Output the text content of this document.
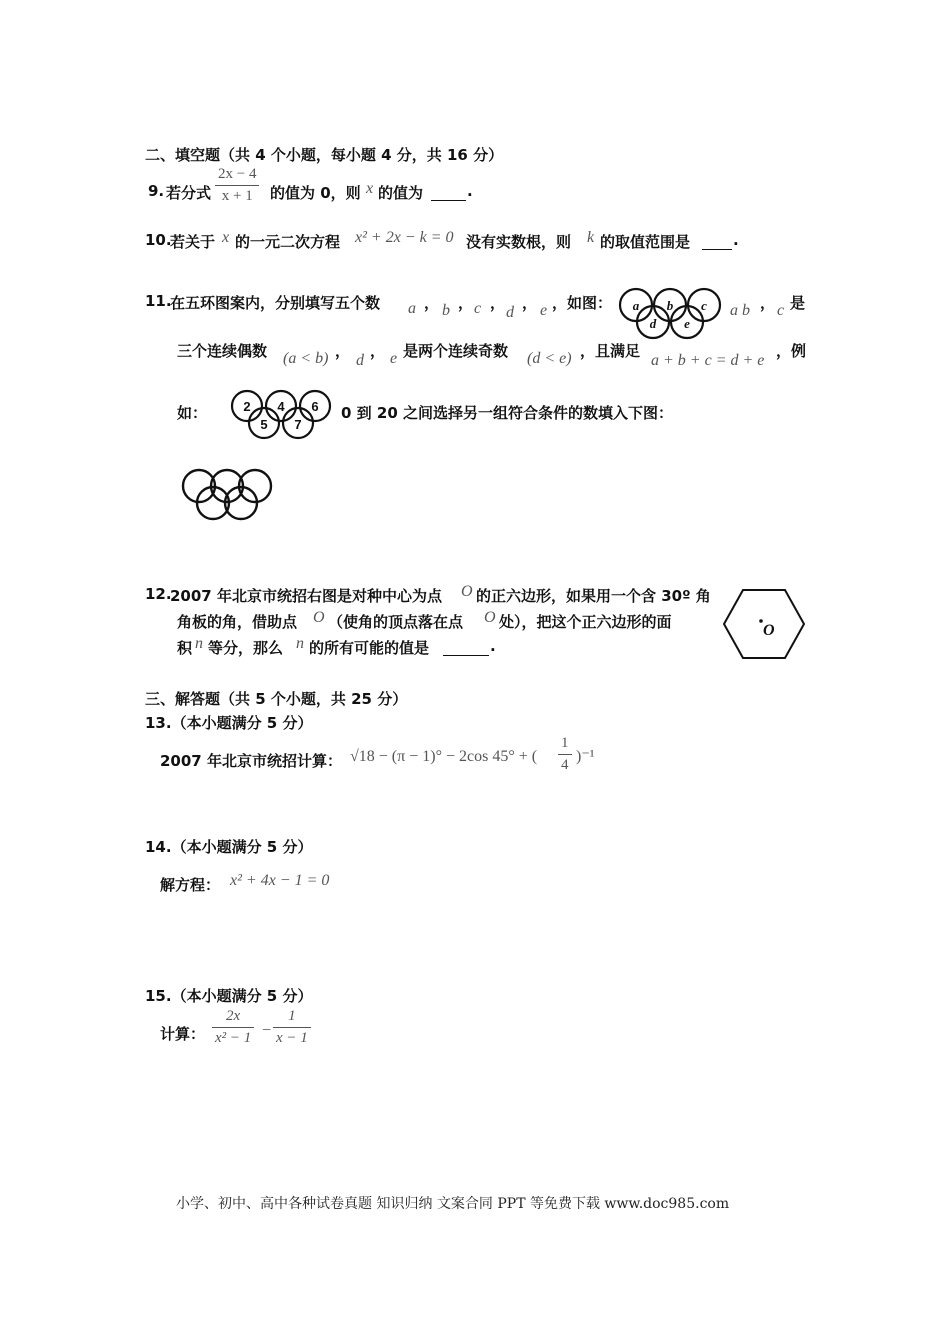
二、填空题（共 4 个小题，每小题 4 分，共 16 分）
9. 若分式 $\frac{2x - 4}{x + 1}$ 的值为 0，则 x 的值为	.
10.
若关于 x 的一元二次方程 x² + 2x − k = 0 没有实数根，则 k 的取值范围是	.
11.
在五环图案内，分别填写五个数 a ， b ， c ，
d
， e ，如图： a b c
d e
a b ， c 是
三个连续偶数 (a < b) ，
d
， e 是两个连续奇数 (d < e) ，且满足
a + b + c = d + e
，例
如：	2 4 6
5 7
0 到 20 之间选择另一组符合条件的数填入下图：
12.
2007 年北京市统招右图是对种中心为点 O 的正六边形，如果用一个含 30º 角
角板的角，借助点 O （使角的顶点落在点 O 处），把这个正六边形的面
积 n 等分，那么 n 的所有可能的值是	.
O
三、解答题（共 5 个小题，共 25 分）
13.（本小题满分 5 分）
2007 年北京市统招计算： √18 − (π − 1)° − 2cos 45° + ( $\frac{1}{4} )^{-1}$
14.（本小题满分 5 分）
解方程： x² + 4x − 1 = 0
15.（本小题满分 5 分）
计算： $\frac{2x}{\text{x² − 1}} - \frac{1}{x - 1}$
小学、初中、高中各种试卷真题 知识归纳 文案合同 PPT 等免费下载 www.doc985.com
